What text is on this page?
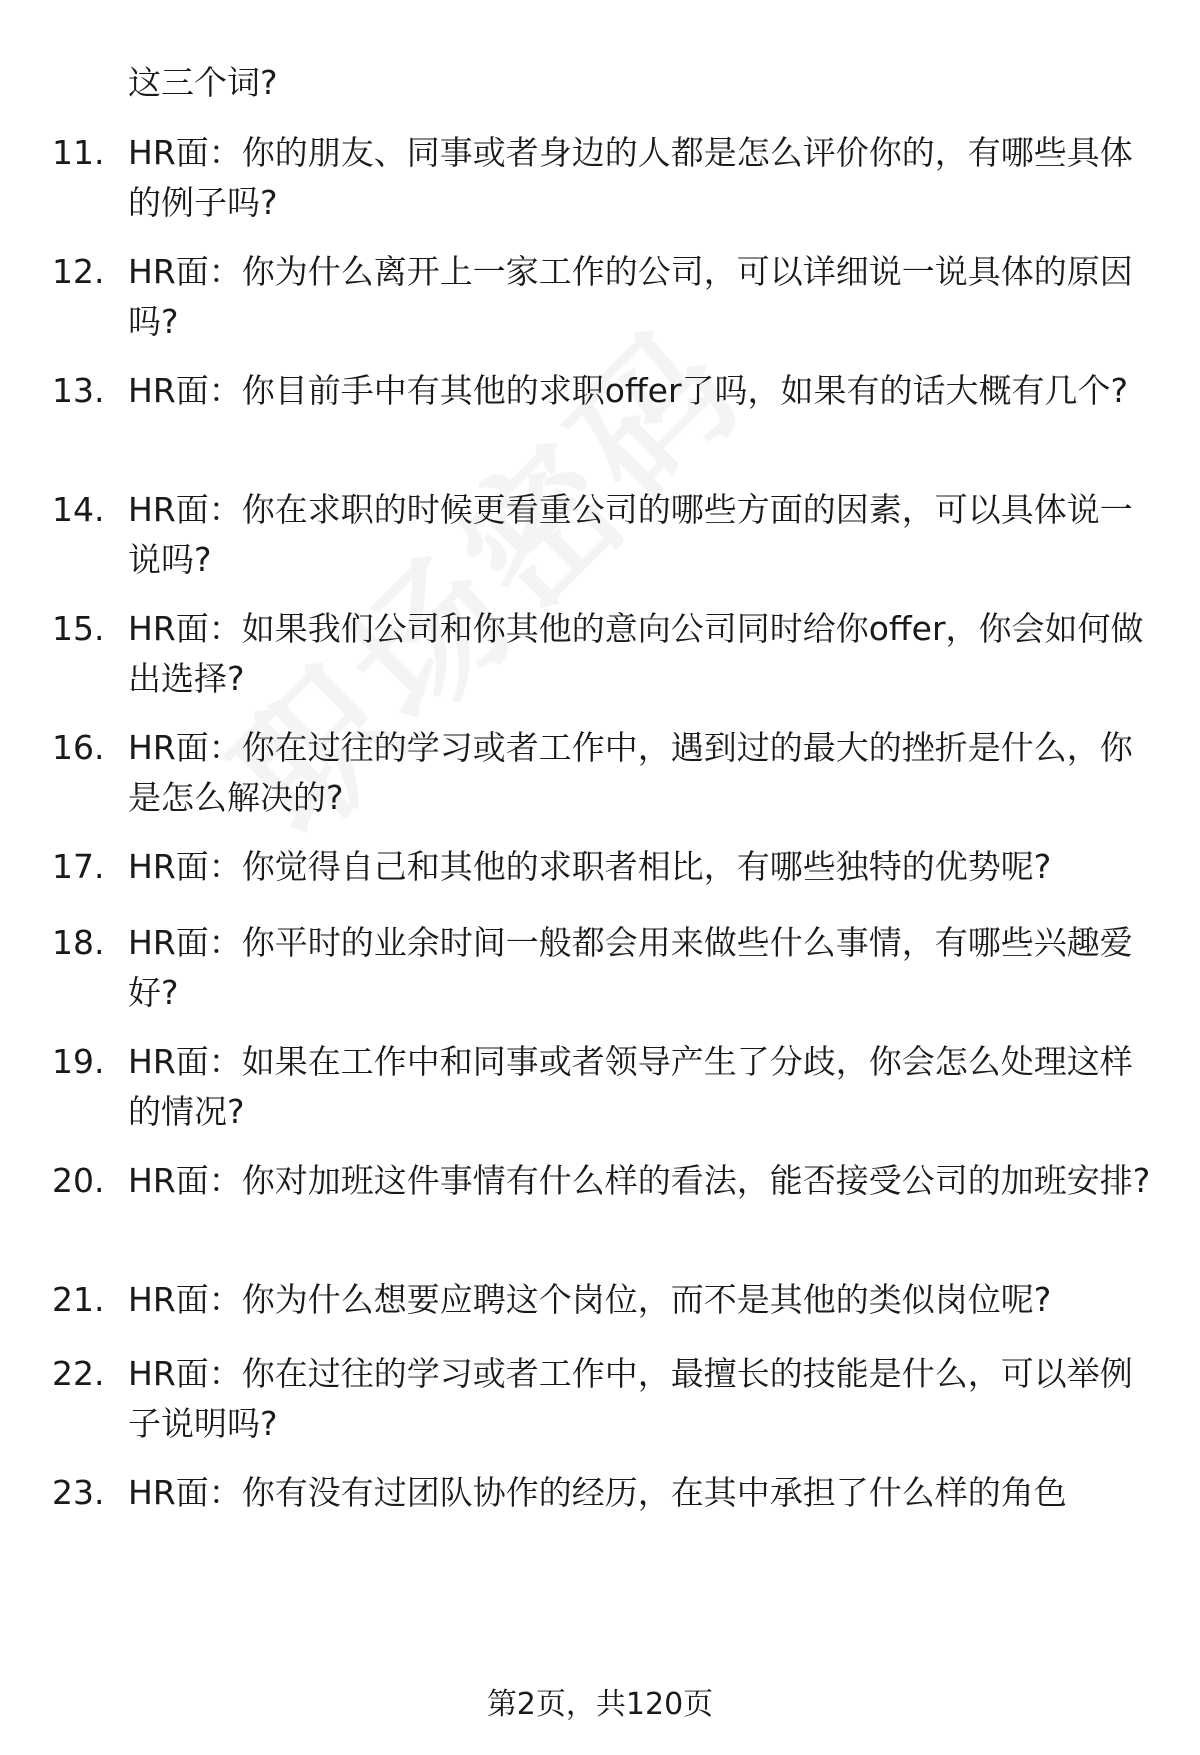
这三个词?
11. HR面：你的朋友、同事或者身边的人都是怎么评价你的，有哪些具体的例子吗?
12. HR面：你为什么离开上一家工作的公司，可以详细说一说具体的原因吗?
13. HR面：你目前手中有其他的求职offer了吗，如果有的话大概有几个?
14. HR面：你在求职的时候更看重公司的哪些方面的因素，可以具体说一说吗?
15. HR面：如果我们公司和你其他的意向公司同时给你offer，你会如何做出选择?
16. HR面：你在过往的学习或者工作中，遇到过的最大的挫折是什么，你是怎么解决的?
17. HR面：你觉得自己和其他的求职者相比，有哪些独特的优势呢?
18. HR面：你平时的业余时间一般都会用来做些什么事情，有哪些兴趣爱好?
19. HR面：如果在工作中和同事或者领导产生了分歧，你会怎么处理这样的情况?
20. HR面：你对加班这件事情有什么样的看法，能否接受公司的加班安排?
21. HR面：你为什么想要应聘这个岗位，而不是其他的类似岗位呢?
22. HR面：你在过往的学习或者工作中，最擅长的技能是什么，可以举例子说明吗?
23. HR面：你有没有过团队协作的经历，在其中承担了什么样的角色
第2页，共120页
